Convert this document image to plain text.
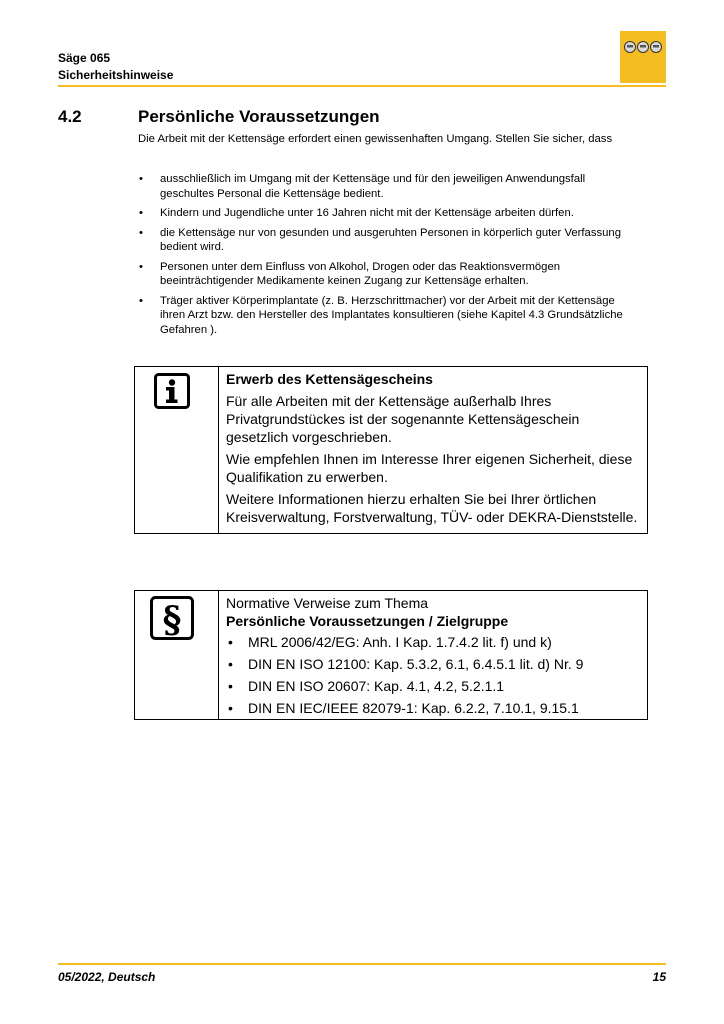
Säge 065
Sicherheitshinweise
4.2	Persönliche Voraussetzungen
Die Arbeit mit der Kettensäge erfordert einen gewissenhaften Umgang. Stellen Sie sicher, dass
• ausschließlich im Umgang mit der Kettensäge und für den jeweiligen Anwendungsfall geschultes Personal die Kettensäge bedient.
• Kindern und Jugendliche unter 16 Jahren nicht mit der Kettensäge arbeiten dürfen.
• die Kettensäge nur von gesunden und ausgeruhten Personen in körperlich guter Verfassung bedient wird.
• Personen unter dem Einfluss von Alkohol, Drogen oder das Reaktionsvermögen beeinträchtigender Medikamente keinen Zugang zur Kettensäge erhalten.
• Träger aktiver Körperimplantate (z. B. Herzschrittmacher) vor der Arbeit mit der Kettensäge ihren Arzt bzw. den Hersteller des Implantates konsultieren (siehe Kapitel 4.3 Grundsätzliche Gefahren ).
Erwerb des Kettensägescheins
Für alle Arbeiten mit der Kettensäge außerhalb Ihres Privatgrundstückes ist der sogenannte Kettensägeschein gesetzlich vorgeschrieben.
Wie empfehlen Ihnen im Interesse Ihrer eigenen Sicherheit, diese Qualifikation zu erwerben.
Weitere Informationen hierzu erhalten Sie bei Ihrer örtlichen Kreisverwaltung, Forstverwaltung, TÜV- oder DEKRA-Dienststelle.
§	Normative Verweise zum Thema
Persönliche Voraussetzungen / Zielgruppe
• MRL 2006/42/EG: Anh. I Kap. 1.7.4.2 lit. f) und k)
• DIN EN ISO 12100: Kap. 5.3.2, 6.1, 6.4.5.1 lit. d) Nr. 9
• DIN EN ISO 20607: Kap. 4.1, 4.2, 5.2.1.1
• DIN EN IEC/IEEE 82079-1: Kap. 6.2.2, 7.10.1, 9.15.1
05/2022, Deutsch	15
